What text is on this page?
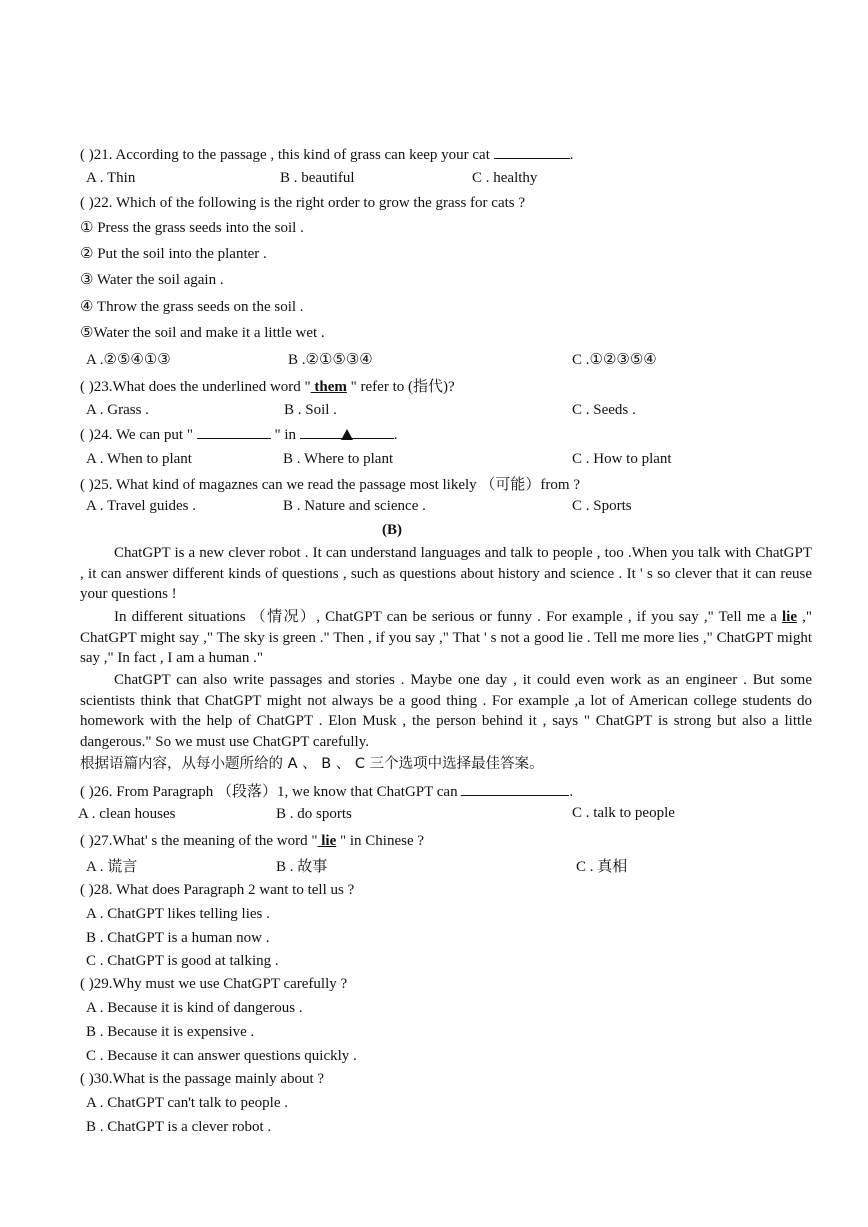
( )21. According to the passage , this kind of grass can keep your cat	.
A . Thin	B . beautiful	C . healthy
( )22. Which of the following is the right order to grow the grass for cats ?
① Press the grass seeds into the soil .
② Put the soil into the planter .
③ Water the soil again .
④ Throw the grass seeds on the soil .
⑤Water the soil and make it a little wet .
A .②⑤④①③	B .②①⑤③④	C .①②③⑤④
( )23.What does the underlined word " them " refer to (指代)?
A . Grass .	B . Soil .	C . Seeds .
( )24. We can put "	" in	.
A . When to plant	B . Where to plant	C . How to plant
( )25. What kind of magaznes can we read the passage most likely （可能）from ?
A . Travel guides .	B . Nature and science .	C . Sports
(B)
ChatGPT is a new clever robot . It can understand languages and talk to people , too .When you talk with ChatGPT , it can answer different kinds of questions , such as questions about history and science . It ' s so clever that it can reuse your questions !
In different situations （情况）, ChatGPT can be serious or funny . For example , if you say ," Tell me a lie ," ChatGPT might say ," The sky is green ." Then , if you say ," That ' s not a good lie . Tell me more lies ," ChatGPT might say ," In fact , I am a human ."
ChatGPT can also write passages and stories . Maybe one day , it could even work as an engineer . But some scientists think that ChatGPT might not always be a good thing . For example ,a lot of American college students do homework with the help of ChatGPT . Elon Musk , the person behind it , says " ChatGPT is strong but also a little dangerous." So we must use ChatGPT carefully.
根据语篇内容，从每小题所给的 A 、 B 、 C 三个选项中选择最佳答案。
( )26. From Paragraph （段落）1, we know that ChatGPT can	.
A . clean houses	B . do sports	C . talk to people
( )27.What' s the meaning of the word " lie " in Chinese ?
A . 谎言	B . 故事	C . 真相
( )28. What does Paragraph 2 want to tell us ?
A . ChatGPT likes telling lies .
B . ChatGPT is a human now .
C . ChatGPT is good at talking .
( )29.Why must we use ChatGPT carefully ?
A . Because it is kind of dangerous .
B . Because it is expensive .
C . Because it can answer questions quickly .
( )30.What is the passage mainly about ?
A . ChatGPT can't talk to people .
B . ChatGPT is a clever robot .
